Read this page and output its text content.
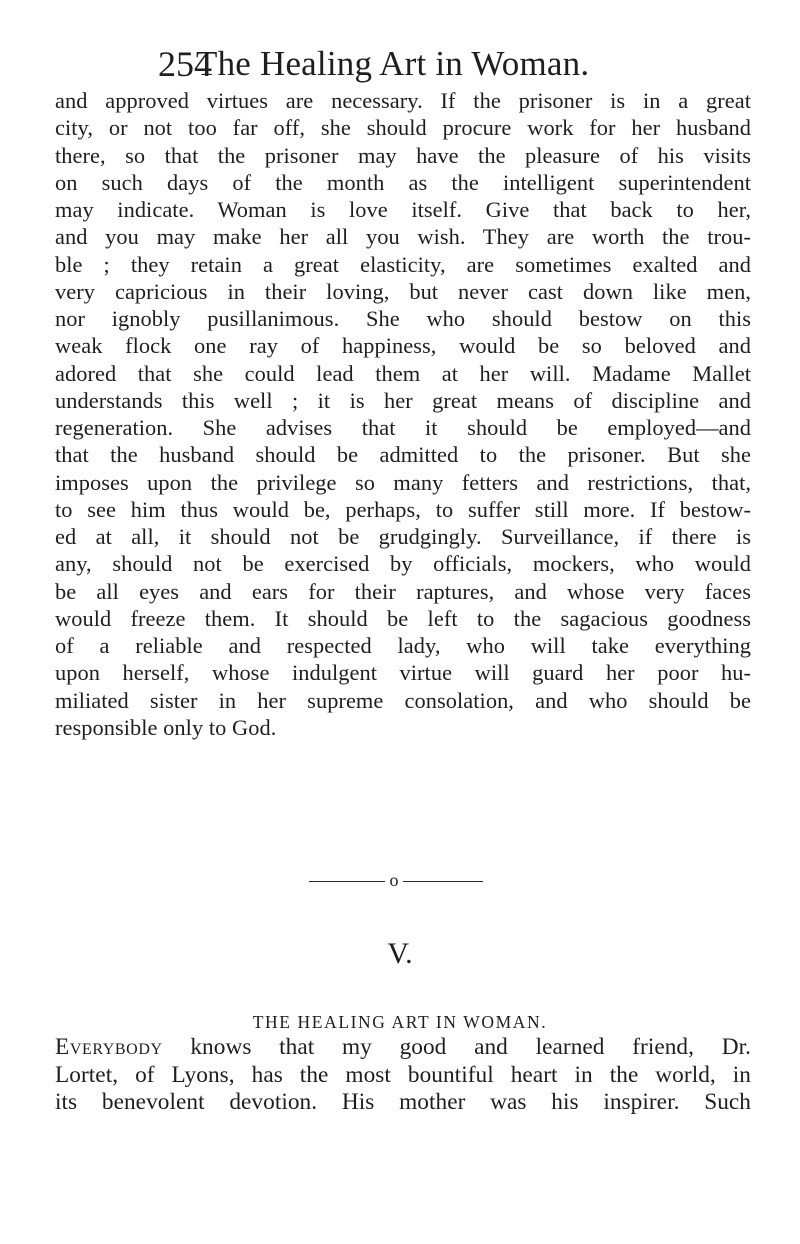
254
The Healing Art in Woman.

and approved virtues are necessary. If the prisoner is in a great
city, or not too far off, she should procure work for her husband
there, so that the prisoner may have the pleasure of his visits
on such days of the month as the intelligent superintendent
may indicate. Woman is love itself. Give that back to her,
and you may make her all you wish. They are worth the trou-
ble ; they retain a great elasticity, are sometimes exalted and
very capricious in their loving, but never cast down like men,
nor ignobly pusillanimous. She who should bestow on this
weak flock one ray of happiness, would be so beloved and
adored that she could lead them at her will. Madame Mallet
understands this well ; it is her great means of discipline and
regeneration. She advises that it should be employed—and
that the husband should be admitted to the prisoner. But she
imposes upon the privilege so many fetters and restrictions, that,
to see him thus would be, perhaps, to suffer still more. If bestow-
ed at all, it should not be grudgingly. Surveillance, if there is
any, should not be exercised by officials, mockers, who would
be all eyes and ears for their raptures, and whose very faces
would freeze them. It should be left to the sagacious goodness
of a reliable and respected lady, who will take everything
upon herself, whose indulgent virtue will guard her poor hu-
miliated sister in her supreme consolation, and who should be
responsible only to God.

o
V.
THE HEALING ART IN WOMAN.

Everybody knows that my good and learned friend, Dr.
Lortet, of Lyons, has the most bountiful heart in the world, in
its benevolent devotion. His mother was his inspirer. Such
